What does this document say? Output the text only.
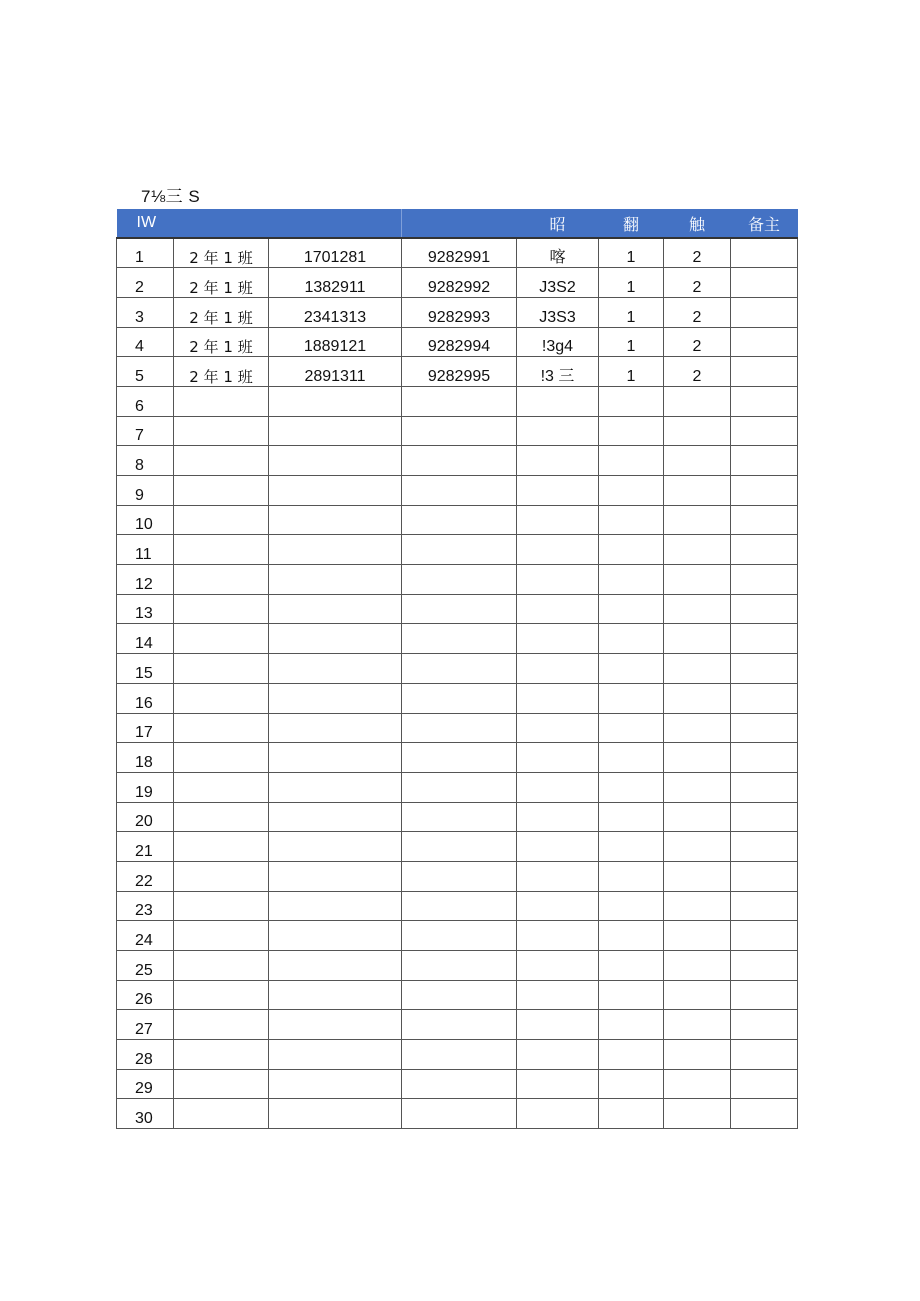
7⅛三 S
IW				昭	翻	触	备主
1	2 年 1 班	1701281	9282991	喀	1	2	
2	2 年 1 班	1382911	9282992	J3S2	1	2	
3	2 年 1 班	2341313	9282993	J3S3	1	2	
4	2 年 1 班	1889121	9282994	!3g4	1	2	
5	2 年 1 班	2891311	9282995	!3 三	1	2	
6							
7							
8							
9							
10							
11							
12							
13							
14							
15							
16							
17							
18							
19							
20							
21							
22							
23							
24							
25							
26							
27							
28							
29							
30							
